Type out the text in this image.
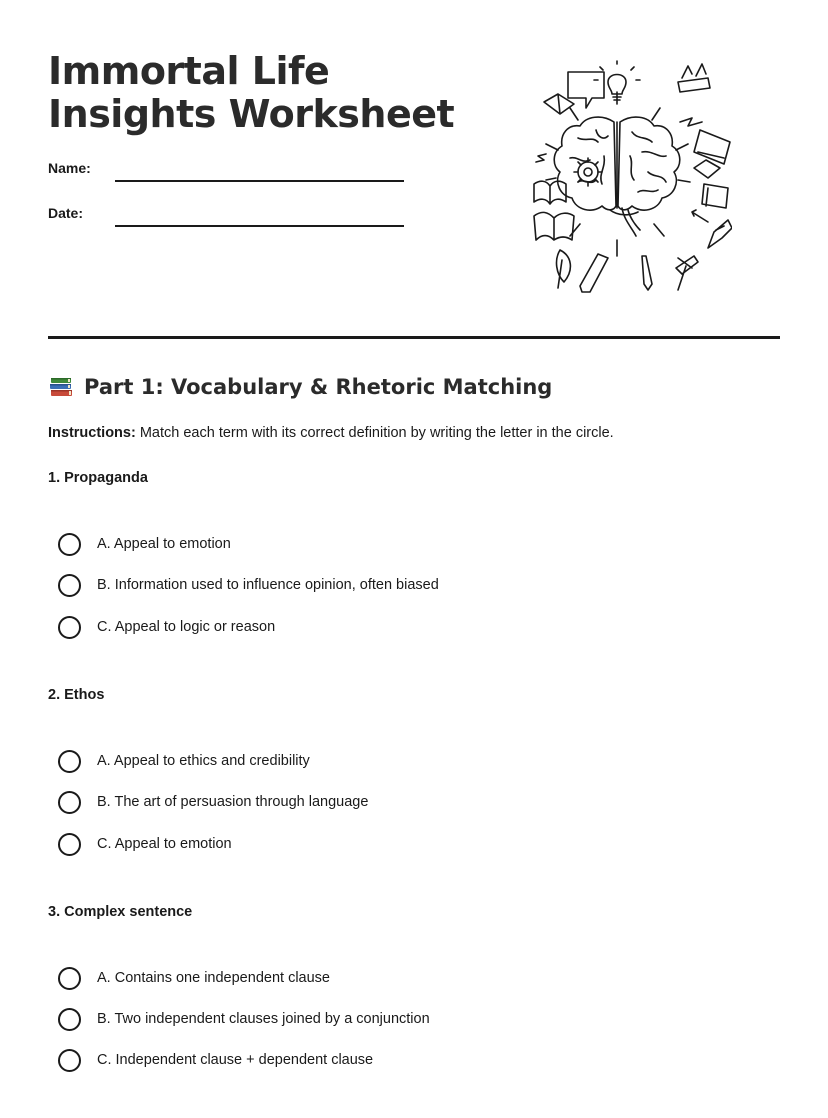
Immortal Life Insights Worksheet
Name:
Date:
Part 1: Vocabulary & Rhetoric Matching
Instructions: Match each term with its correct definition by writing the letter in the circle.

1. Propaganda

A. Appeal to emotion
B. Information used to influence opinion, often biased
C. Appeal to logic or reason

2. Ethos

A. Appeal to ethics and credibility
B. The art of persuasion through language
C. Appeal to emotion

3. Complex sentence

A. Contains one independent clause
B. Two independent clauses joined by a conjunction
C. Independent clause + dependent clause
